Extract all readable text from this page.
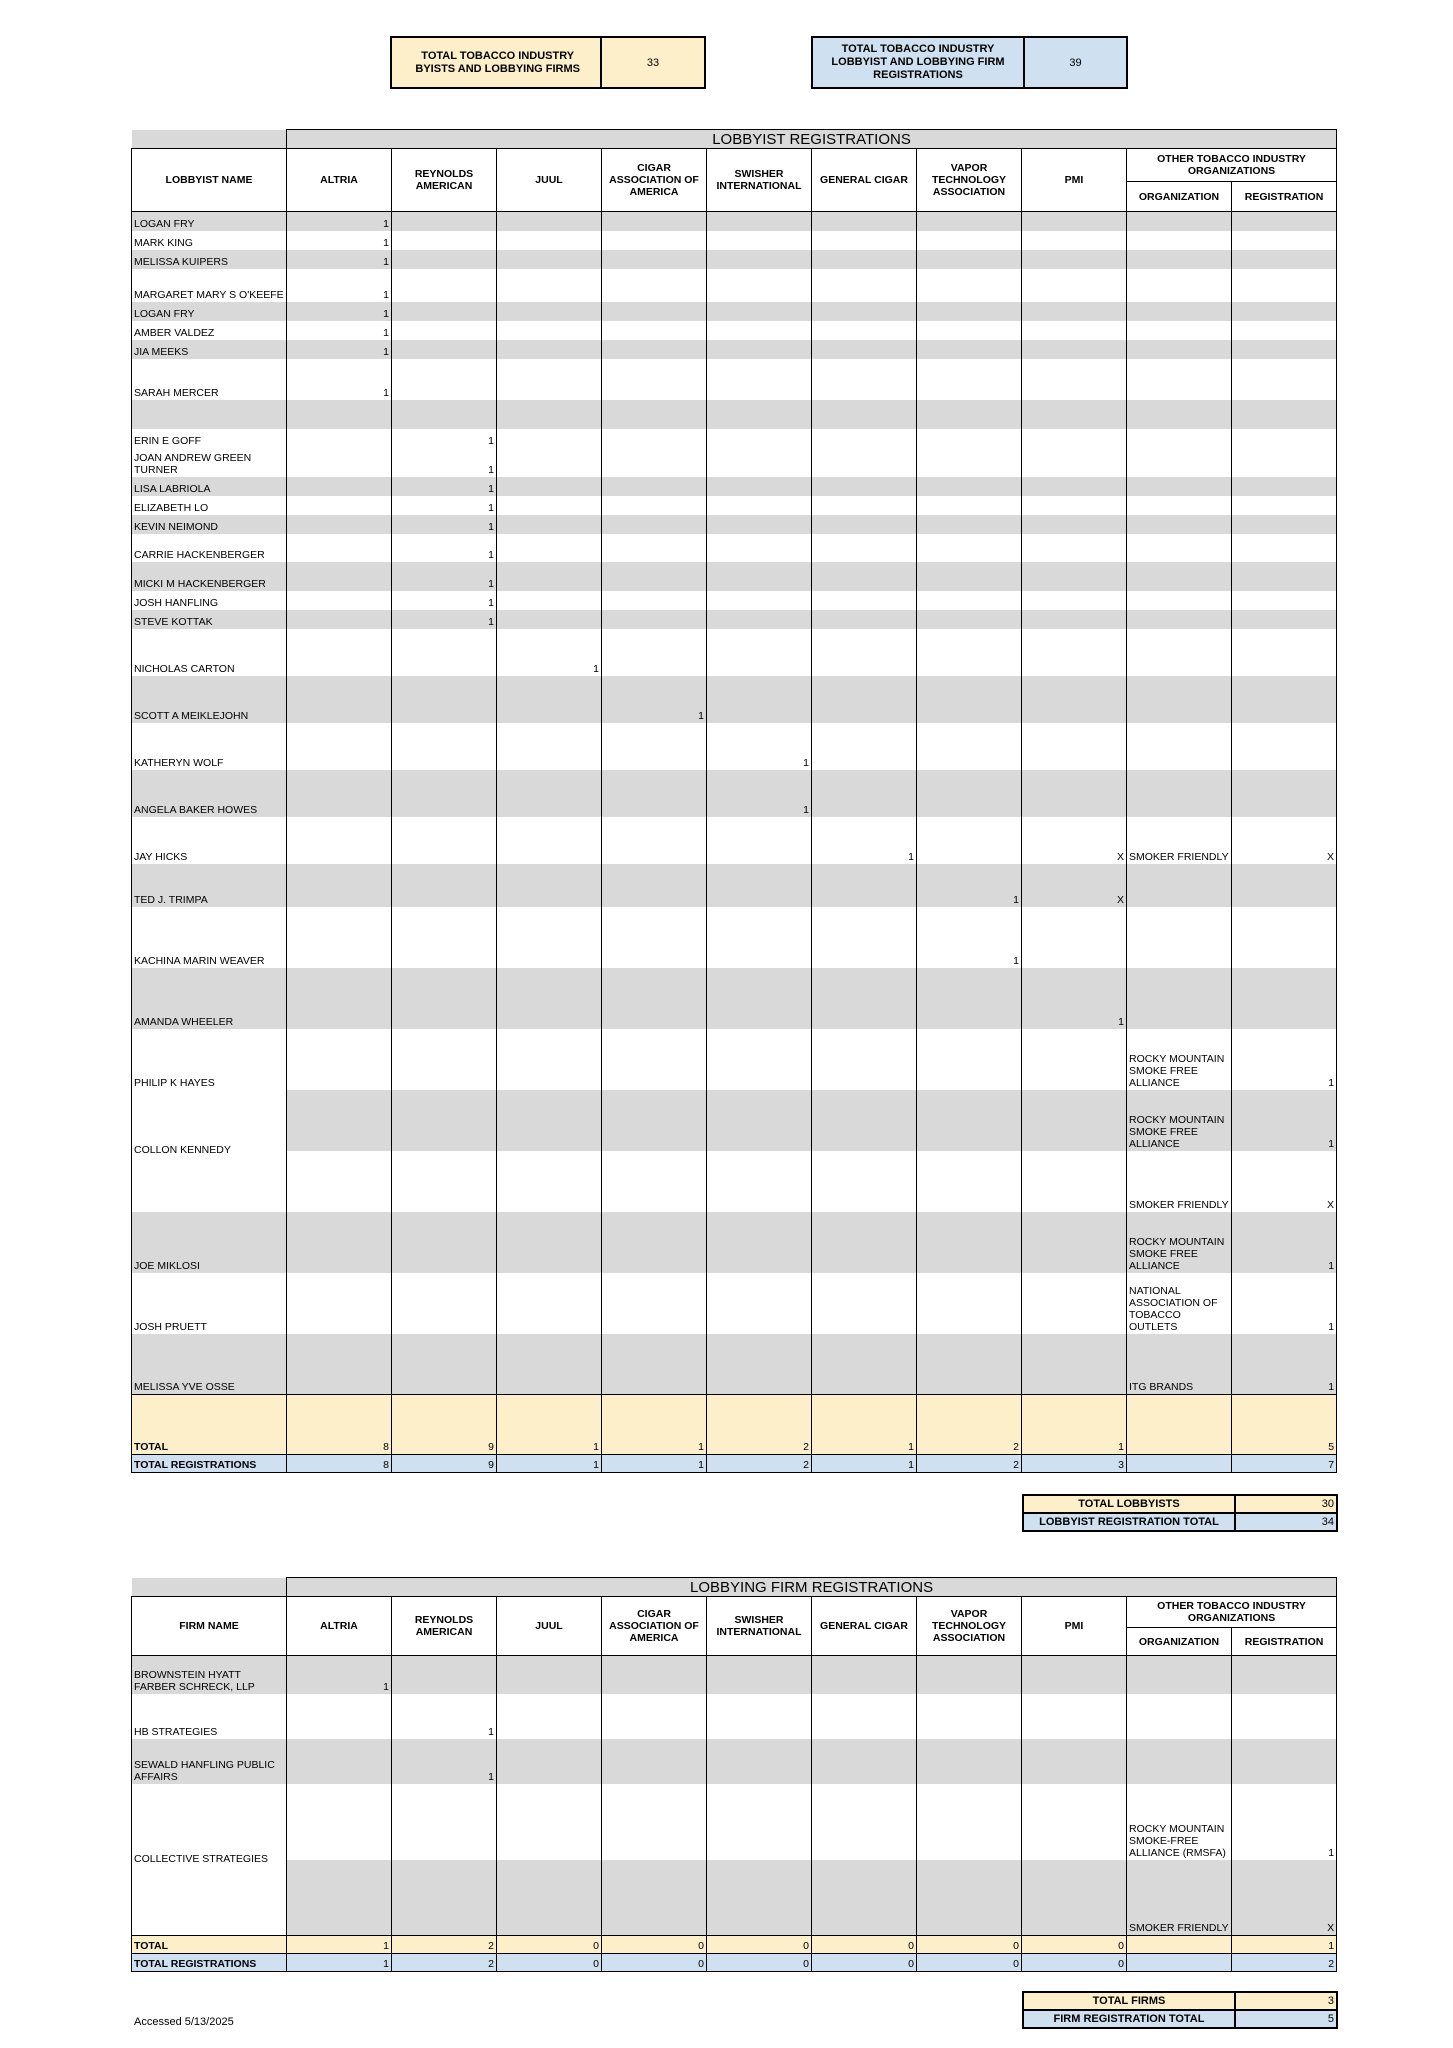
TOTAL TOBACCO INDUSTRY
BYISTS AND LOBBYING FIRMS	33
TOTAL TOBACCO INDUSTRY
LOBBYIST AND LOBBYING FIRM
REGISTRATIONS
39
	LOBBYIST REGISTRATIONS									
LOBBYIST NAME	ALTRIA	REYNOLDS AMERICAN	JUUL	CIGAR ASSOCIATION OF AMERICA	SWISHER INTERNATIONAL	GENERAL CIGAR	VAPOR TECHNOLOGY ASSOCIATION	PMI	OTHER TOBACCO INDUSTRY ORGANIZATIONS	
									ORGANIZATION	REGISTRATION
LOGAN FRY	1									
MARK KING	1									
MELISSA KUIPERS	1									
MARGARET MARY S O'KEEFE	1									
LOGAN FRY	1									
AMBER VALDEZ	1									
JIA MEEKS	1									
SARAH MERCER	1									

ERIN E GOFF		1								
JOAN ANDREW GREEN TURNER		1								
LISA LABRIOLA		1								
ELIZABETH LO		1								
KEVIN NEIMOND		1								
CARRIE HACKENBERGER		1								
MICKI M HACKENBERGER		1								
JOSH HANFLING		1								
STEVE KOTTAK		1								
NICHOLAS CARTON			1							
SCOTT A MEIKLEJOHN				1						
KATHERYN WOLF					1					
ANGELA BAKER HOWES					1					
JAY HICKS						1		X	SMOKER FRIENDLY	X
TED J. TRIMPA							1	X		
KACHINA MARIN WEAVER							1			
AMANDA WHEELER								1		
PHILIP K HAYES									ROCKY MOUNTAIN SMOKE FREE ALLIANCE	1
COLLON KENNEDY									ROCKY MOUNTAIN SMOKE FREE ALLIANCE	1
									SMOKER FRIENDLY	X
JOE MIKLOSI									ROCKY MOUNTAIN SMOKE FREE ALLIANCE	1
JOSH PRUETT									NATIONAL ASSOCIATION OF TOBACCO OUTLETS	1
MELISSA YVE OSSE									ITG BRANDS	1
TOTAL	8	9	1	1	2	1	2	1		5
TOTAL REGISTRATIONS	8	9	1	1	2	1	2	3		7
TOTAL LOBBYISTS	30
LOBBYIST REGISTRATION TOTAL	34
	LOBBYING FIRM REGISTRATIONS									
FIRM NAME	ALTRIA	REYNOLDS AMERICAN	JUUL	CIGAR ASSOCIATION OF AMERICA	SWISHER INTERNATIONAL	GENERAL CIGAR	VAPOR TECHNOLOGY ASSOCIATION	PMI	OTHER TOBACCO INDUSTRY ORGANIZATIONS	
									ORGANIZATION	REGISTRATION
BROWNSTEIN HYATT FARBER SCHRECK, LLP	1									
HB STRATEGIES		1								
SEWALD HANFLING PUBLIC AFFAIRS		1								
COLLECTIVE STRATEGIES									ROCKY MOUNTAIN SMOKE-FREE ALLIANCE (RMSFA)	1
									SMOKER FRIENDLY	X
TOTAL	1	2	0	0	0	0	0	0		1
TOTAL REGISTRATIONS	1	2	0	0	0	0	0	0		2
TOTAL FIRMS	3
FIRM REGISTRATION TOTAL	5
Accessed 5/13/2025
